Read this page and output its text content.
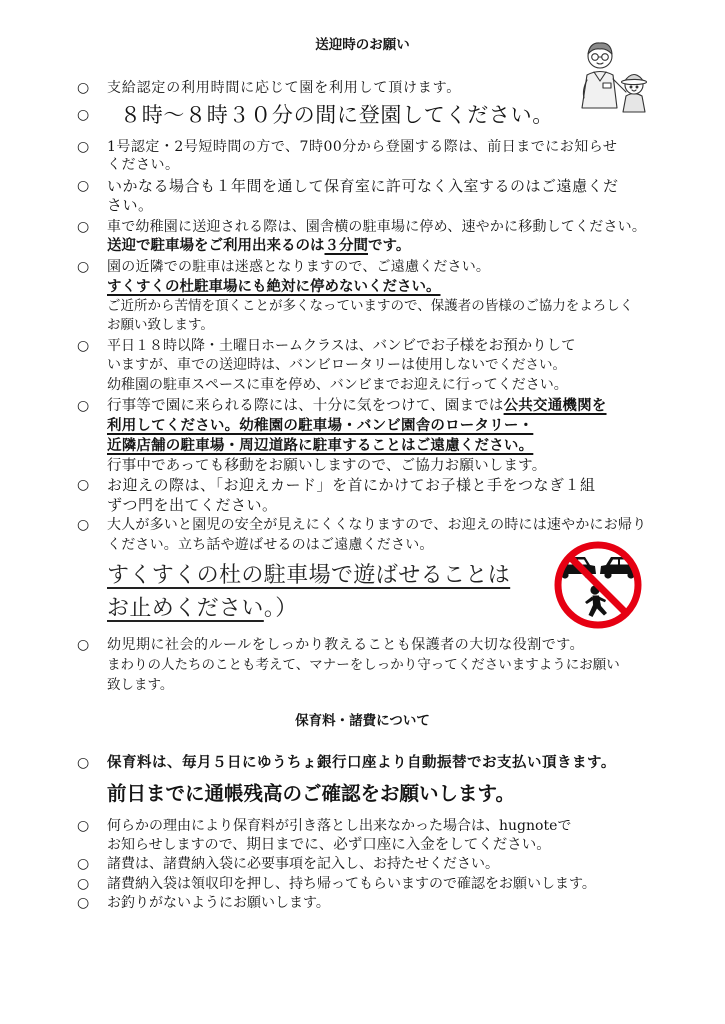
送迎時のお願い
○ 支給認定の利用時間に応じて園を利用して頂けます。
○ ８時～８時３０分の間に登園してください。
○ 1号認定・2号短時間の方で、7時00分から登園する際は、前日までにお知らせ
ください。
○ いかなる場合も１年間を通して保育室に許可なく入室するのはご遠慮くだ
さい。
○ 車で幼稚園に送迎される際は、園舎横の駐車場に停め、速やかに移動してください。
送迎で駐車場をご利用出来るのは３分間です。
○ 園の近隣での駐車は迷惑となりますので、ご遠慮ください。
すくすくの杜駐車場にも絶対に停めないください。
ご近所から苦情を頂くことが多くなっていますので、保護者の皆様のご協力をよろしく
お願い致します。
○ 平日１８時以降・土曜日ホームクラスは、バンビでお子様をお預かりして
いますが、車での送迎時は、バンビロータリーは使用しないでください。
幼稚園の駐車スペースに車を停め、バンビまでお迎えに行ってください。
○ 行事等で園に来られる際には、十分に気をつけて、園までは公共交通機関を
利用してください。幼稚園の駐車場・バンビ園舎のロータリー・
近隣店舗の駐車場・周辺道路に駐車することはご遠慮ください。
行事中であっても移動をお願いしますので、ご協力お願いします。
○ お迎えの際は、「お迎えカード」を首にかけてお子様と手をつなぎ１組
ずつ門を出てください。
○ 大人が多いと園児の安全が見えにくくなりますので、お迎えの時には速やかにお帰り
ください。立ち話や遊ばせるのはご遠慮ください。
すくすくの杜の駐車場で遊ばせることは
お止めください。）
○ 幼児期に社会的ルールをしっかり教えることも保護者の大切な役割です。
まわりの人たちのことも考えて、マナーをしっかり守ってくださいますようにお願い
致します。
保育料・諸費について
○ 保育料は、毎月５日にゆうちょ銀行口座より自動振替でお支払い頂きます。
前日までに通帳残高のご確認をお願いします。
○ 何らかの理由により保育料が引き落とし出来なかった場合は、hugnoteで
お知らせしますので、期日までに、必ず口座に入金をしてください。
○ 諸費は、諸費納入袋に必要事項を記入し、お持たせください。
○ 諸費納入袋は領収印を押し、持ち帰ってもらいますので確認をお願いします。
○ お釣りがないようにお願いします。
